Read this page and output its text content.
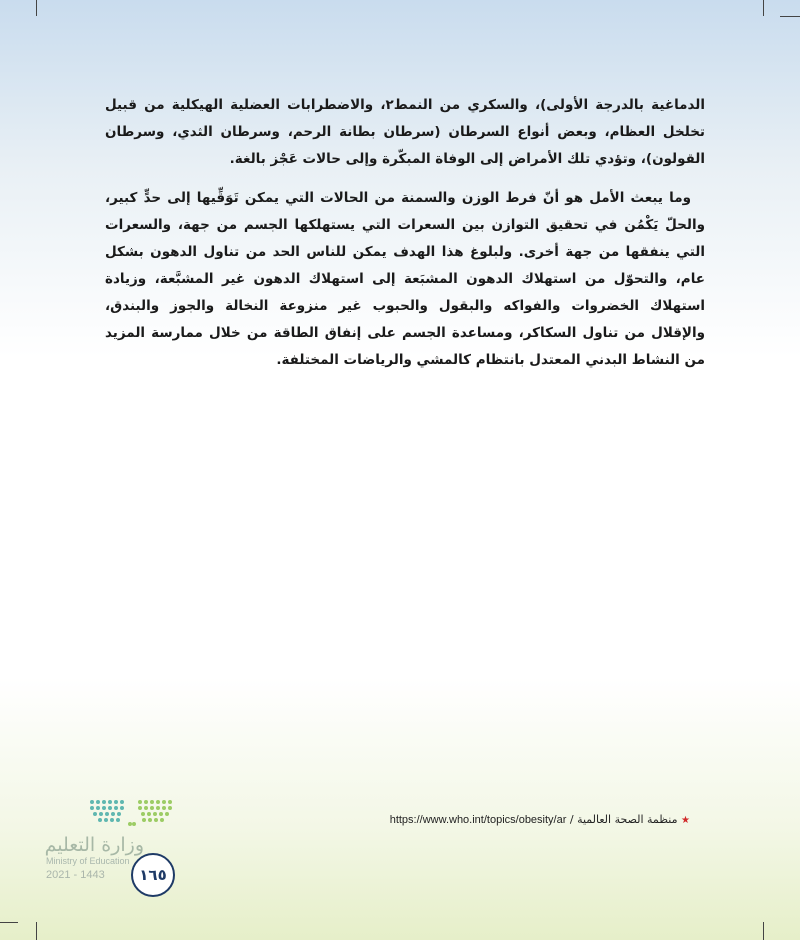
الدماغية بالدرجة الأولى)، والسكري من النمط٢، والاضطرابات العضلية الهيكلية من قبيل تخلخل العظام، وبعض أنواع السرطان (سرطان بطانة الرحم، وسرطان الثدي، وسرطان القولون)، وتؤدي تلك الأمراض إلى الوفاة المبكّرة وإلى حالات عَجْز بالغة.

وما يبعث الأمل هو أنّ فرط الوزن والسمنة من الحالات التي يمكن تَوَقِّيها إلى حدٍّ كبير، والحلّ يَكْمُن في تحقيق التوازن بين السعرات التي يستهلكها الجسم من جهة، والسعرات التي ينفقها من جهة أخرى. ولبلوغ هذا الهدف يمكن للناس الحد من تناول الدهون بشكل عام، والتحوّل من استهلاك الدهون المشبَعة إلى استهلاك الدهون غير المشبَّعة، وزيادة استهلاك الخضروات والفواكه والبقول والحبوب غير منزوعة النخالة والجوز والبندق، والإقلال من تناول السكاكر، ومساعدة الجسم على إنفاق الطاقة من خلال ممارسة المزيد من النشاط البدني المعتدل بانتظام كالمشي والرياضات المختلفة.

★ منظمة الصحة العالمية / https://www.who.int/topics/obesity/ar
وزارة التعليم
Ministry of Education
2021 - 1443	١٦٥
